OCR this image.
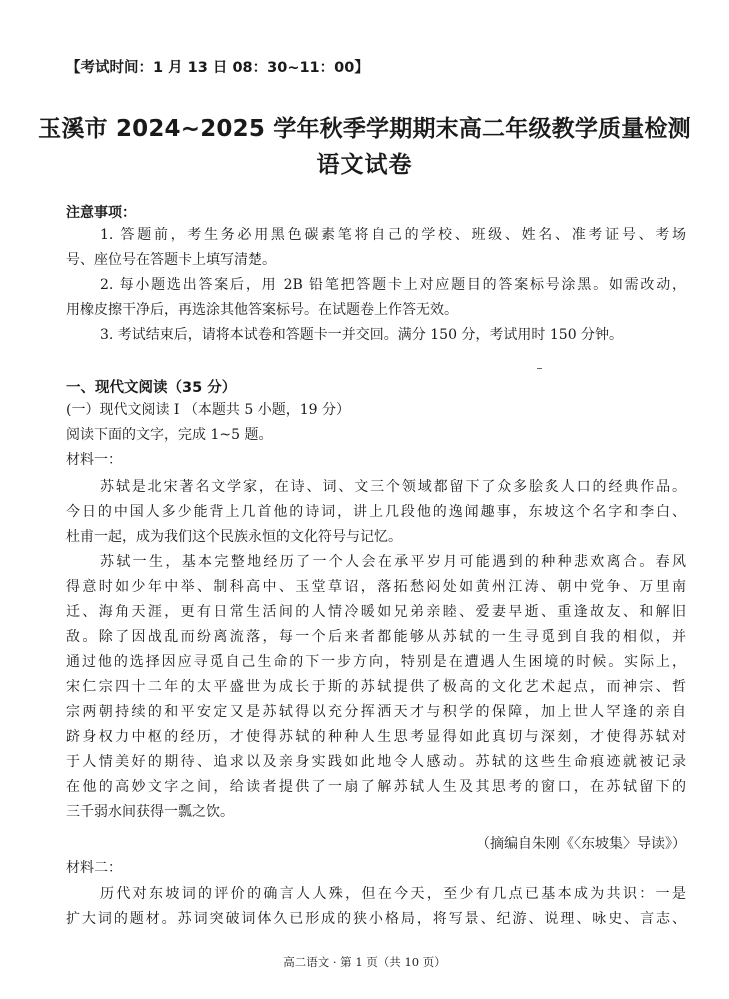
【考试时间：1 月 13 日 08：30~11：00】
玉溪市 2024~2025 学年秋季学期期末高二年级教学质量检测
语文试卷
注意事项：
1. 答题前，考生务必用黑色碳素笔将自己的学校、班级、姓名、准考证号、考场
号、座位号在答题卡上填写清楚。
2. 每小题选出答案后，用 2B 铅笔把答题卡上对应题目的答案标号涂黑。如需改动，
用橡皮擦干净后，再选涂其他答案标号。在试题卷上作答无效。
3. 考试结束后，请将本试卷和答题卡一并交回。满分 150 分，考试用时 150 分钟。
一、现代文阅读（35 分）
(一）现代文阅读 I （本题共 5 小题，19 分）
阅读下面的文字，完成 1~5 题。
材料一：
苏轼是北宋著名文学家，在诗、词、文三个领域都留下了众多脍炙人口的经典作品。
今日的中国人多少能背上几首他的诗词，讲上几段他的逸闻趣事，东坡这个名字和李白、
杜甫一起，成为我们这个民族永恒的文化符号与记忆。
苏轼一生，基本完整地经历了一个人会在承平岁月可能遇到的种种悲欢离合。春风
得意时如少年中举、制科高中、玉堂草诏，落拓愁闷处如黄州江涛、朝中党争、万里南
迁、海角天涯，更有日常生活间的人情冷暖如兄弟亲睦、爱妻早逝、重逢故友、和解旧
敌。除了因战乱而纷离流落，每一个后来者都能够从苏轼的一生寻觅到自我的相似，并
通过他的选择因应寻觅自己生命的下一步方向，特别是在遭遇人生困境的时候。实际上，
宋仁宗四十二年的太平盛世为成长于斯的苏轼提供了极高的文化艺术起点，而神宗、哲
宗两朝持续的和平安定又是苏轼得以充分挥洒天才与积学的保障，加上世人罕逢的亲自
跻身权力中枢的经历，才使得苏轼的种种人生思考显得如此真切与深刻，才使得苏轼对
于人情美好的期待、追求以及亲身实践如此地令人感动。苏轼的这些生命痕迹就被记录
在他的高妙文字之间，给读者提供了一扇了解苏轼人生及其思考的窗口，在苏轼留下的
三千弱水间获得一瓢之饮。
（摘编自朱刚《〈东坡集〉导读》）
材料二：
历代对东坡词的评价的确言人人殊，但在今天，至少有几点已基本成为共识：一是
扩大词的题材。苏词突破词体久已形成的狭小格局，将写景、纪游、说理、咏史、言志、
高二语文 · 第 1 页（共 10 页）
